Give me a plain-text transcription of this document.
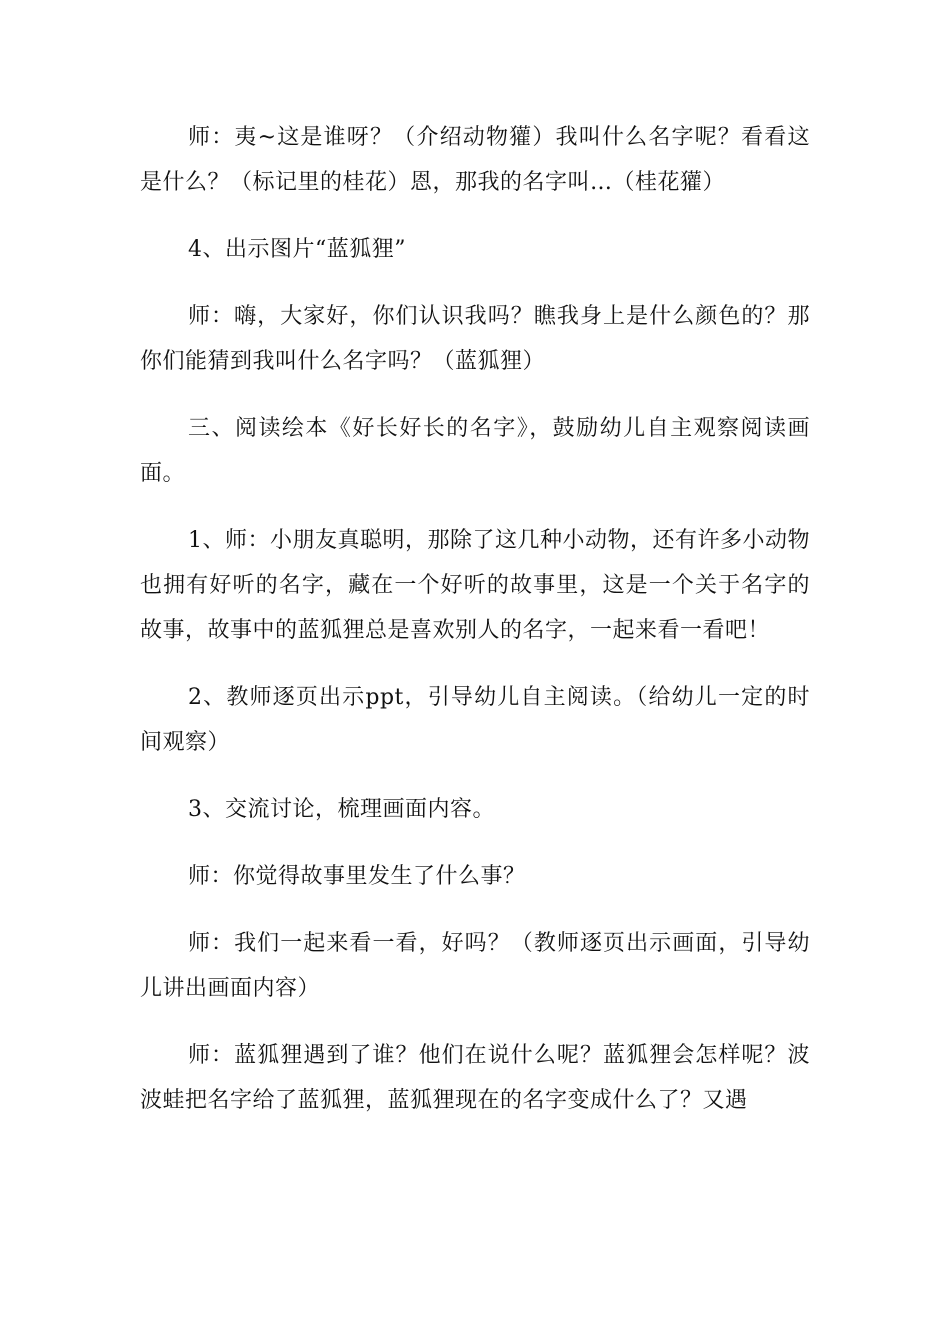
师：夷~这是谁呀？（介绍动物獾）我叫什么名字呢？看看这是什么？（标记里的桂花）恩，那我的名字叫…（桂花獾）

4、出示图片“蓝狐狸”

师：嗨，大家好，你们认识我吗？瞧我身上是什么颜色的？那你们能猜到我叫什么名字吗？（蓝狐狸）

三、阅读绘本《好长好长的名字》，鼓励幼儿自主观察阅读画面。

1、师：小朋友真聪明，那除了这几种小动物，还有许多小动物也拥有好听的名字，藏在一个好听的故事里，这是一个关于名字的故事，故事中的蓝狐狸总是喜欢别人的名字，一起来看一看吧！

2、教师逐页出示ppt，引导幼儿自主阅读。（给幼儿一定的时间观察）

3、交流讨论，梳理画面内容。

师：你觉得故事里发生了什么事？

师：我们一起来看一看，好吗？（教师逐页出示画面，引导幼儿讲出画面内容）

师：蓝狐狸遇到了谁？他们在说什么呢？蓝狐狸会怎样呢？波波蛙把名字给了蓝狐狸，蓝狐狸现在的名字变成什么了？又遇
